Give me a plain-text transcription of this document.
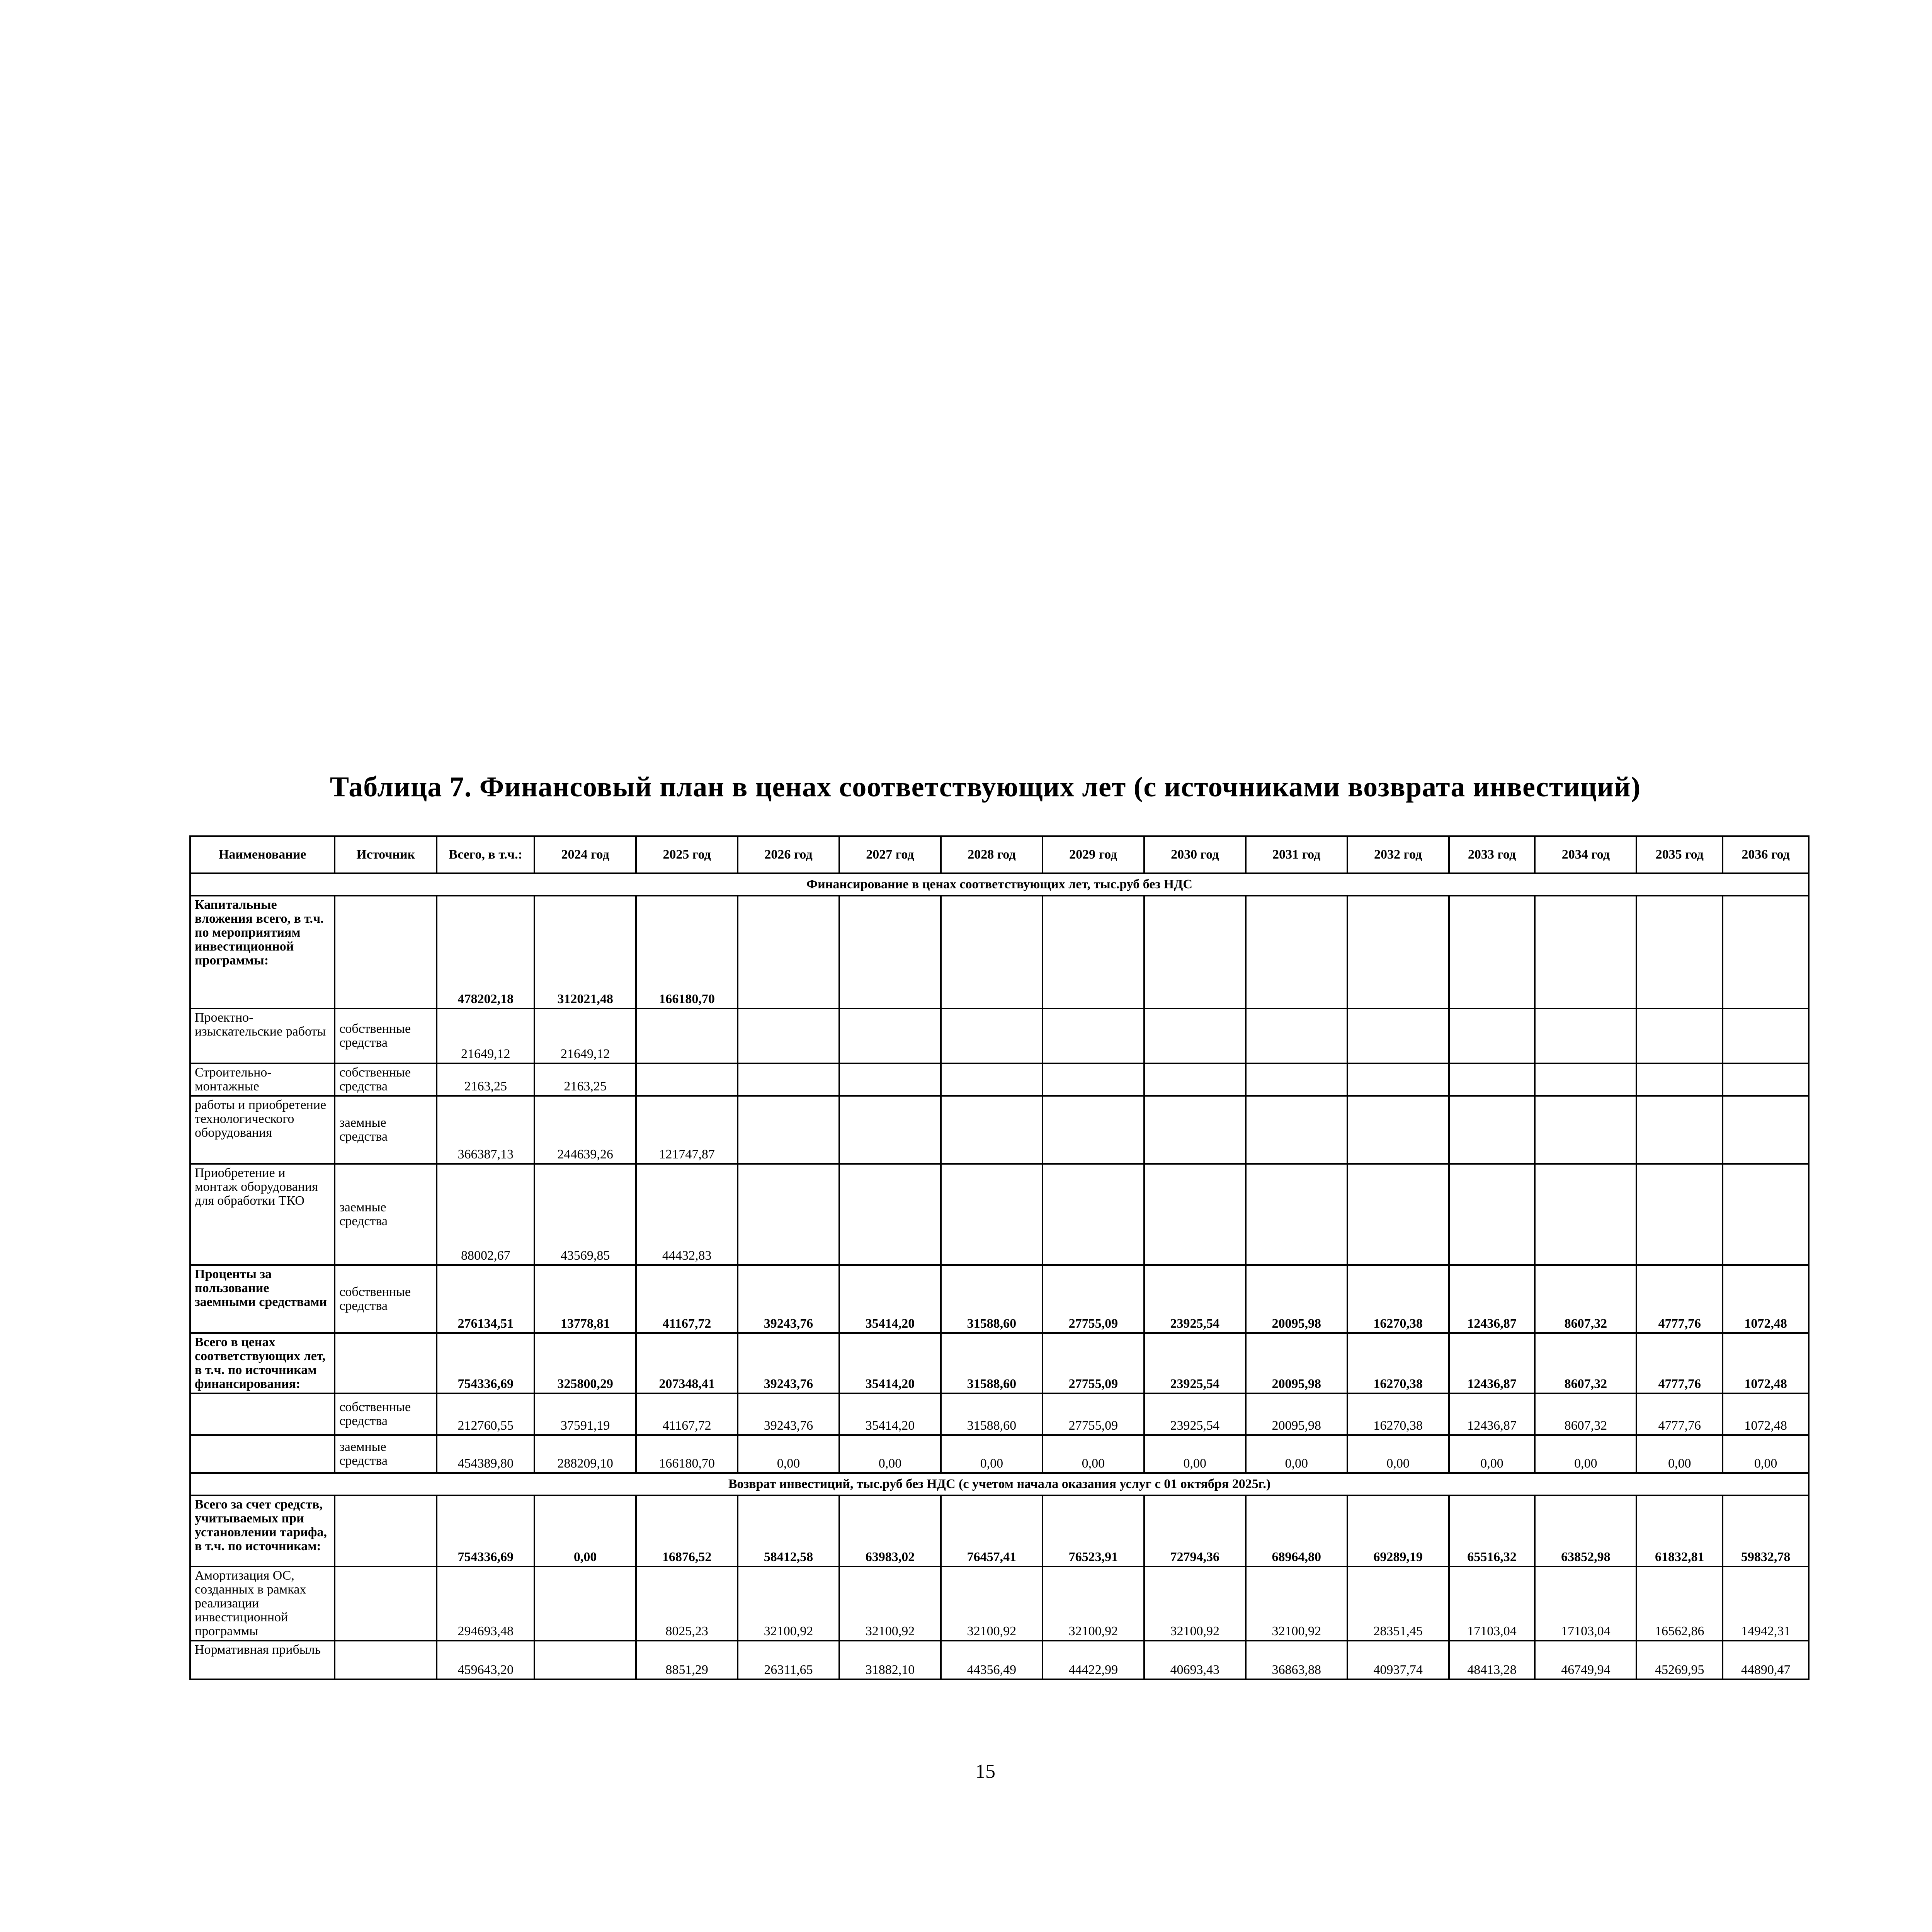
Таблица 7. Финансовый план в ценах соответствующих лет (с источниками возврата инвестиций)
Наименование	Источник	Всего, в т.ч.:	2024 год	2025 год	2026 год	2027 год	2028 год	2029 год	2030 год	2031 год	2032 год	2033 год	2034 год	2035 год	2036 год
Финансирование в ценах соответствующих лет, тыс.руб без НДС															
Капитальные вложения всего, в т.ч. по мероприятиям инвестиционной программы:		478202,18	312021,48	166180,70											
Проектно-изыскательские работы	собственные средства	21649,12	21649,12												
Строительно-монтажные	собственные средства	2163,25	2163,25												
работы и приобретение технологического оборудования	заемные средства	366387,13	244639,26	121747,87											
Приобретение и монтаж оборудования для обработки ТКО	заемные средства	88002,67	43569,85	44432,83											
Проценты за пользование заемными средствами	собственные средства	276134,51	13778,81	41167,72	39243,76	35414,20	31588,60	27755,09	23925,54	20095,98	16270,38	12436,87	8607,32	4777,76	1072,48
Всего в ценах соответствующих лет, в т.ч. по источникам финансирования:		754336,69	325800,29	207348,41	39243,76	35414,20	31588,60	27755,09	23925,54	20095,98	16270,38	12436,87	8607,32	4777,76	1072,48
	собственные средства	212760,55	37591,19	41167,72	39243,76	35414,20	31588,60	27755,09	23925,54	20095,98	16270,38	12436,87	8607,32	4777,76	1072,48
	заемные средства	454389,80	288209,10	166180,70	0,00	0,00	0,00	0,00	0,00	0,00	0,00	0,00	0,00	0,00	0,00
Возврат инвестиций, тыс.руб без НДС (с учетом начала оказания услуг с 01 октября 2025г.)															
Всего за счет средств, учитываемых при установлении тарифа, в т.ч. по источникам:		754336,69	0,00	16876,52	58412,58	63983,02	76457,41	76523,91	72794,36	68964,80	69289,19	65516,32	63852,98	61832,81	59832,78
Амортизация ОС, созданных в рамках реализации инвестиционной программы		294693,48		8025,23	32100,92	32100,92	32100,92	32100,92	32100,92	32100,92	28351,45	17103,04	17103,04	16562,86	14942,31
Нормативная прибыль		459643,20		8851,29	26311,65	31882,10	44356,49	44422,99	40693,43	36863,88	40937,74	48413,28	46749,94	45269,95	44890,47
15
